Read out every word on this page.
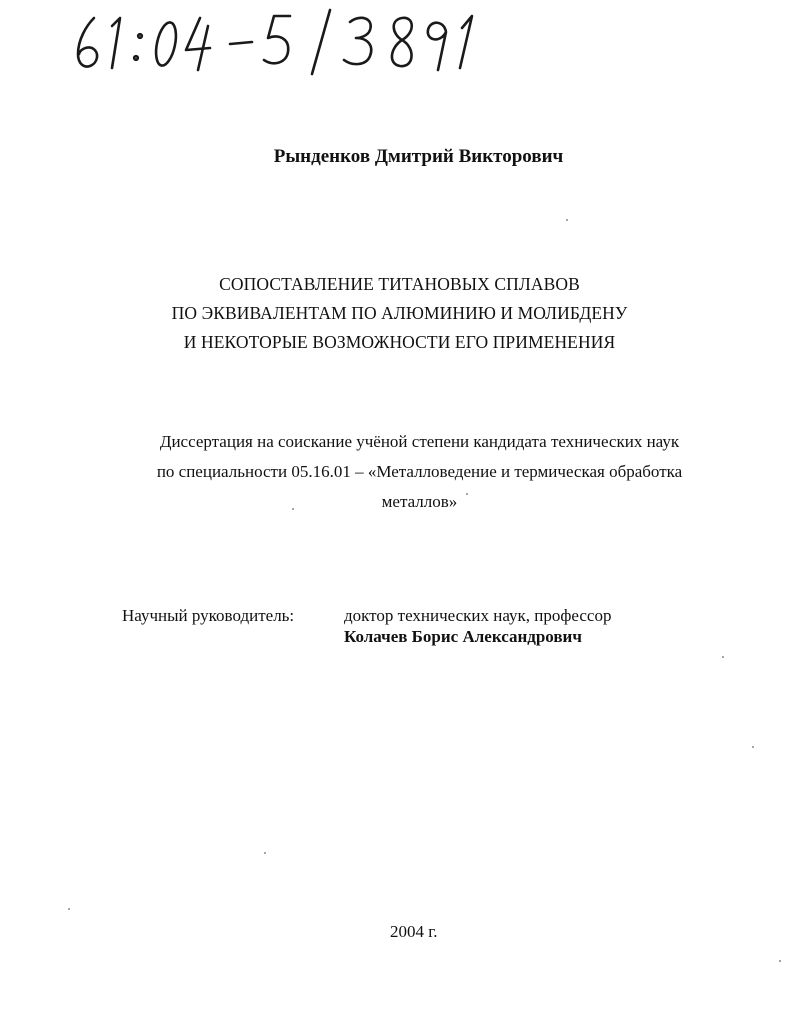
Рынденков Дмитрий Викторович
СОПОСТАВЛЕНИЕ ТИТАНОВЫХ СПЛАВОВ
ПО ЭКВИВАЛЕНТАМ ПО АЛЮМИНИЮ И МОЛИБДЕНУ
И НЕКОТОРЫЕ ВОЗМОЖНОСТИ ЕГО ПРИМЕНЕНИЯ
Диссертация на соискание учёной степени кандидата технических наук
по специальности 05.16.01 – «Металловедение и термическая обработка
металлов»
Научный руководитель:	доктор технических наук, профессор
Колачев Борис Александрович
2004 г.
